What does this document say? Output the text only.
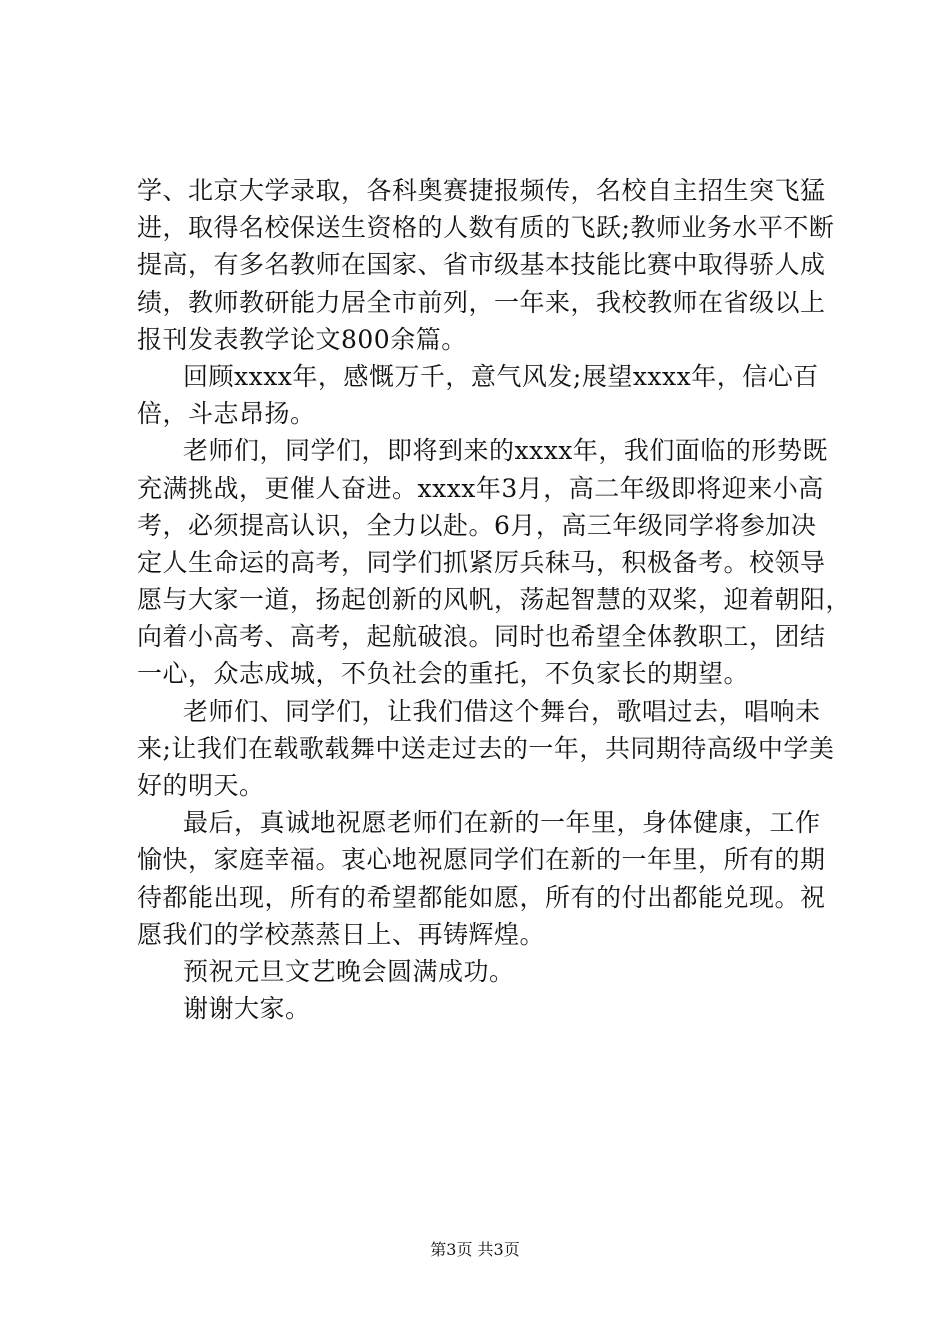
学、北京大学录取，各科奥赛捷报频传，名校自主招生突飞猛
进，取得名校保送生资格的人数有质的飞跃;教师业务水平不断
提高，有多名教师在国家、省市级基本技能比赛中取得骄人成
绩，教师教研能力居全市前列，一年来，我校教师在省级以上
报刊发表教学论文800余篇。
回顾xxxx年，感慨万千，意气风发;展望xxxx年，信心百
倍，斗志昂扬。
老师们，同学们，即将到来的xxxx年，我们面临的形势既
充满挑战，更催人奋进。xxxx年3月，高二年级即将迎来小高
考，必须提高认识，全力以赴。6月，高三年级同学将参加决
定人生命运的高考，同学们抓紧厉兵秣马，积极备考。校领导
愿与大家一道，扬起创新的风帆，荡起智慧的双桨，迎着朝阳，
向着小高考、高考，起航破浪。同时也希望全体教职工，团结
一心，众志成城，不负社会的重托，不负家长的期望。
老师们、同学们，让我们借这个舞台，歌唱过去，唱响未
来;让我们在载歌载舞中送走过去的一年，共同期待高级中学美
好的明天。
最后，真诚地祝愿老师们在新的一年里，身体健康，工作
愉快，家庭幸福。衷心地祝愿同学们在新的一年里，所有的期
待都能出现，所有的希望都能如愿，所有的付出都能兑现。祝
愿我们的学校蒸蒸日上、再铸辉煌。
预祝元旦文艺晚会圆满成功。
谢谢大家。
第3页 共3页
